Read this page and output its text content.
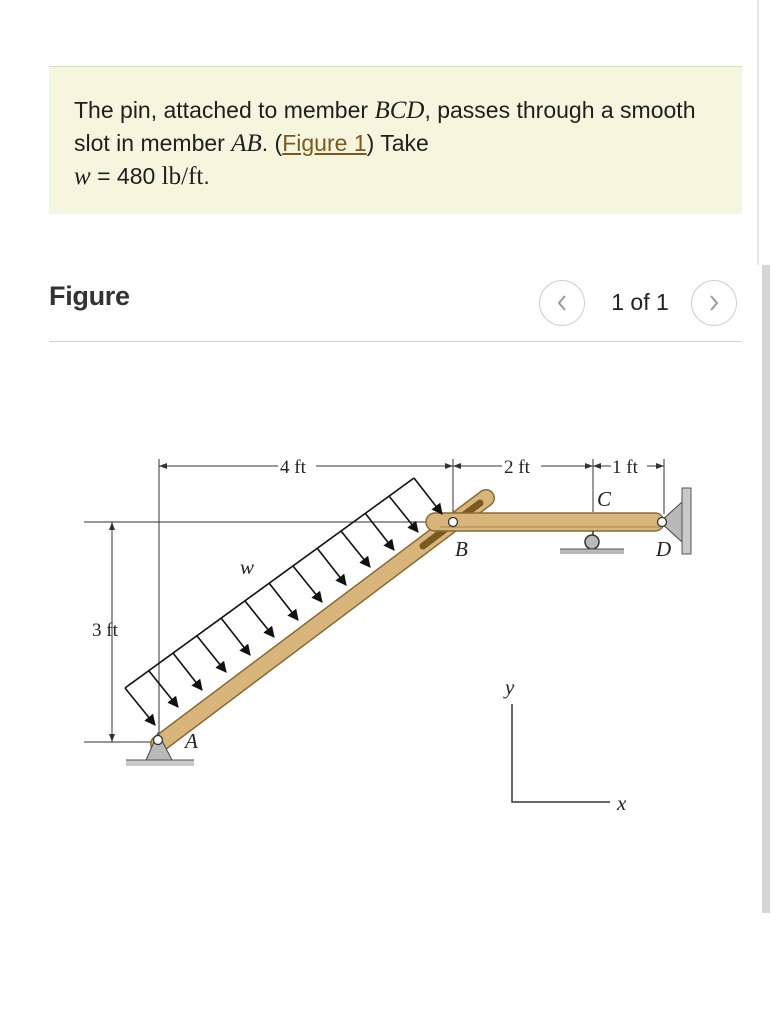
The pin, attached to member BCD, passes through a smooth slot in member AB. (Figure 1) Take
w = 480 lb/ft.
Figure	1 of 1
4 ft	2 ft	1 ft
3 ft
w
A
B
C
D
y
x
